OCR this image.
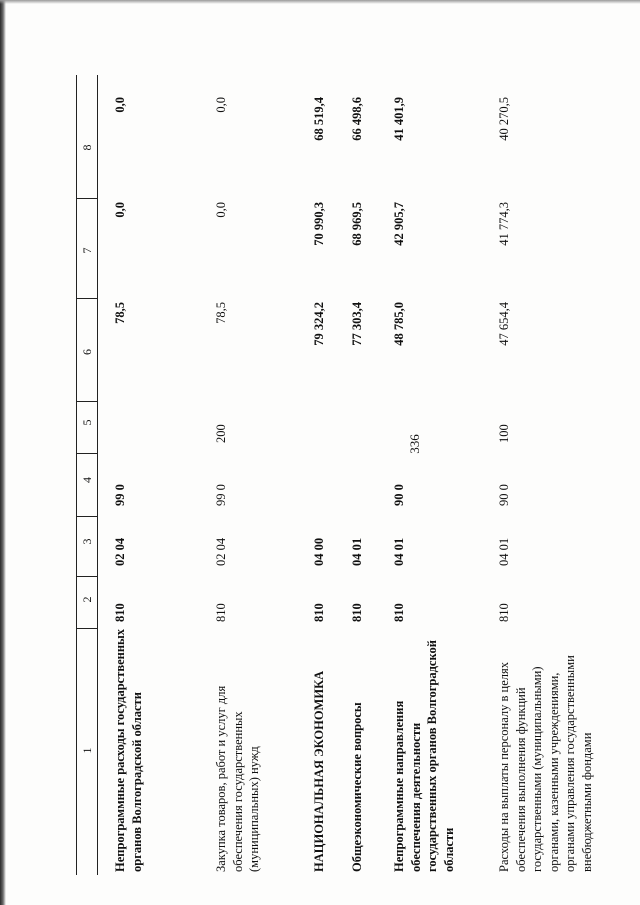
336
1
2
3
4
5
6
7
8
Непрограммные расходы государственных органов Волгоградской области
810
02 04
99 0
78,5
0,0
0,0
Закупка товаров, работ и услуг для обеспечения государственных (муниципальных) нужд
810
02 04
99 0
200
78,5
0,0
0,0
НАЦИОНАЛЬНАЯ ЭКОНОМИКА
810
04 00
79 324,2
70 990,3
68 519,4
Общеэкономические вопросы
810
04 01
77 303,4
68 969,5
66 498,6
Непрограммные направления обеспечения деятельности государственных органов Волгоградской области
810
04 01
90 0
48 785,0
42 905,7
41 401,9
Расходы на выплаты персоналу в целях обеспечения выполнения функций государственными (муниципальными) органами, казенными учреждениями, органами управления государственными внебюджетными фондами
810
04 01
90 0
100
47 654,4
41 774,3
40 270,5
